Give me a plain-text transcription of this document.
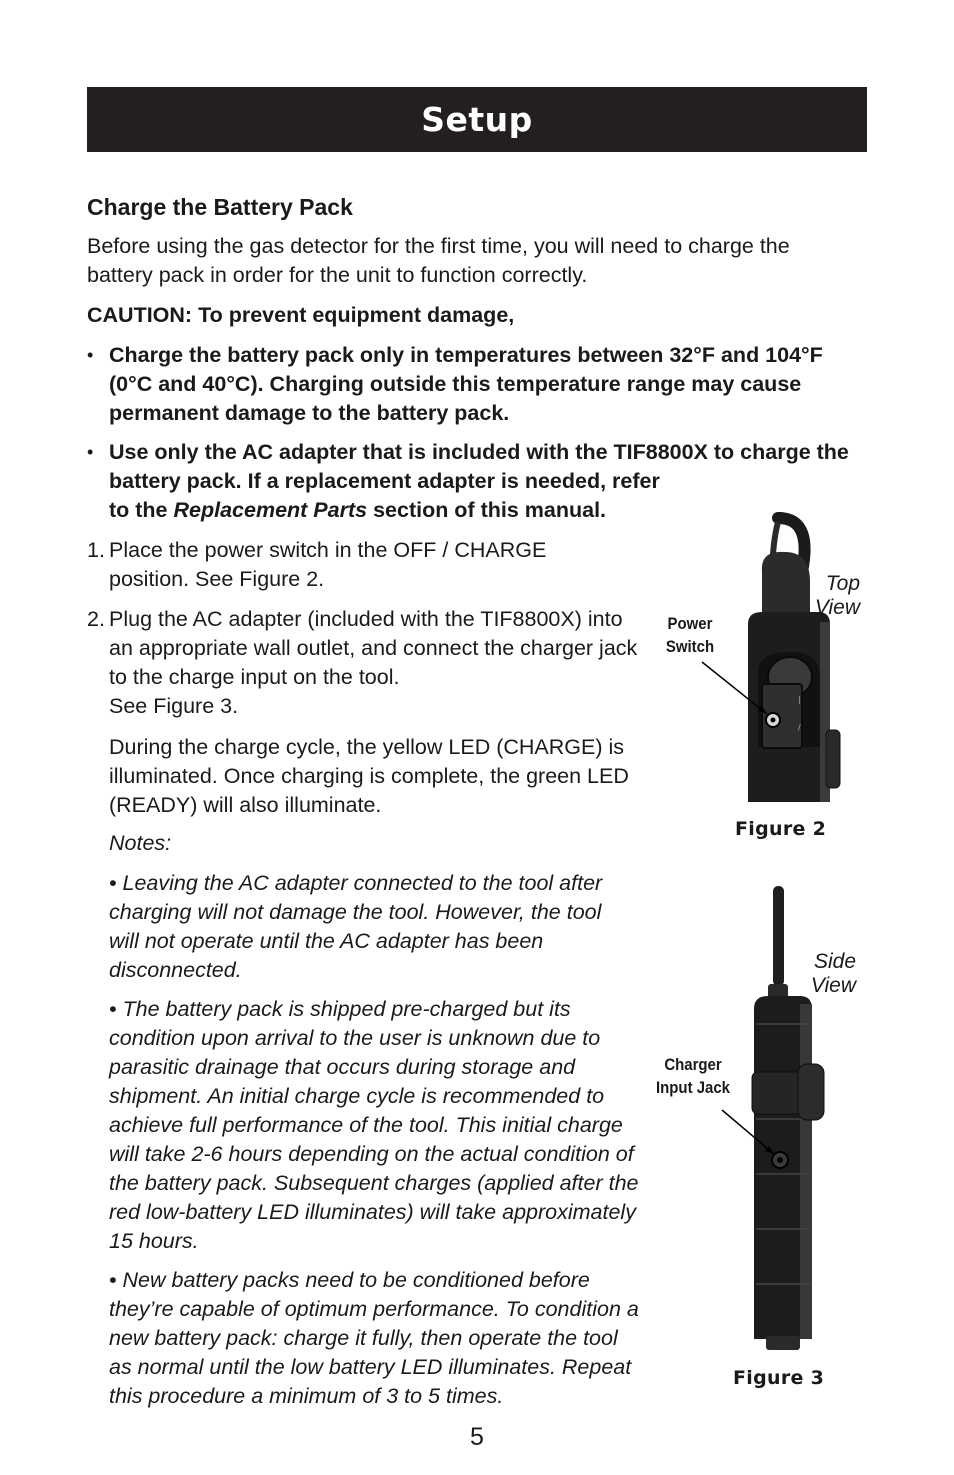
Setup
Charge the Battery Pack
Before using the gas detector for the first time, you will need to charge the battery pack in order for the unit to function correctly.
CAUTION: To prevent equipment damage,
• Charge the battery pack only in temperatures between 32°F and 104°F (0°C and 40°C). Charging outside this temperature range may cause permanent damage to the battery pack.
• Use only the AC adapter that is included with the TIF8800X to charge the battery pack. If a replacement adapter is needed, refer
to the Replacement Parts section of this manual.
1. Place the power switch in the OFF / CHARGE position. See Figure 2.
2. Plug the AC adapter (included with the TIF8800X) into an appropriate wall outlet, and connect the charger jack to the charge input on the tool.
See Figure 3.
During the charge cycle, the yellow LED (CHARGE) is illuminated. Once charging is complete, the green LED (READY) will also illuminate.
Notes:
• Leaving the AC adapter connected to the tool after charging will not damage the tool. However, the tool will not operate until the AC adapter has been disconnected.
• The battery pack is shipped pre-charged but its condition upon arrival to the user is unknown due to parasitic drainage that occurs during storage and shipment. An initial charge cycle is recommended to achieve full performance of the tool. This initial charge will take 2-6 hours depending on the actual condition of the battery pack. Subsequent charges (applied after the red low-battery LED illuminates) will take approximately 15 hours.
• New battery packs need to be conditioned before they’re capable of optimum performance. To condition a new battery pack: charge it fully, then operate the tool as normal until the low battery LED illuminates. Repeat this procedure a minimum of 3 to 5 times.
|
/
Top
View
Power
Switch
Figure 2
Side
View
Charger
Input Jack
Figure 3
5
